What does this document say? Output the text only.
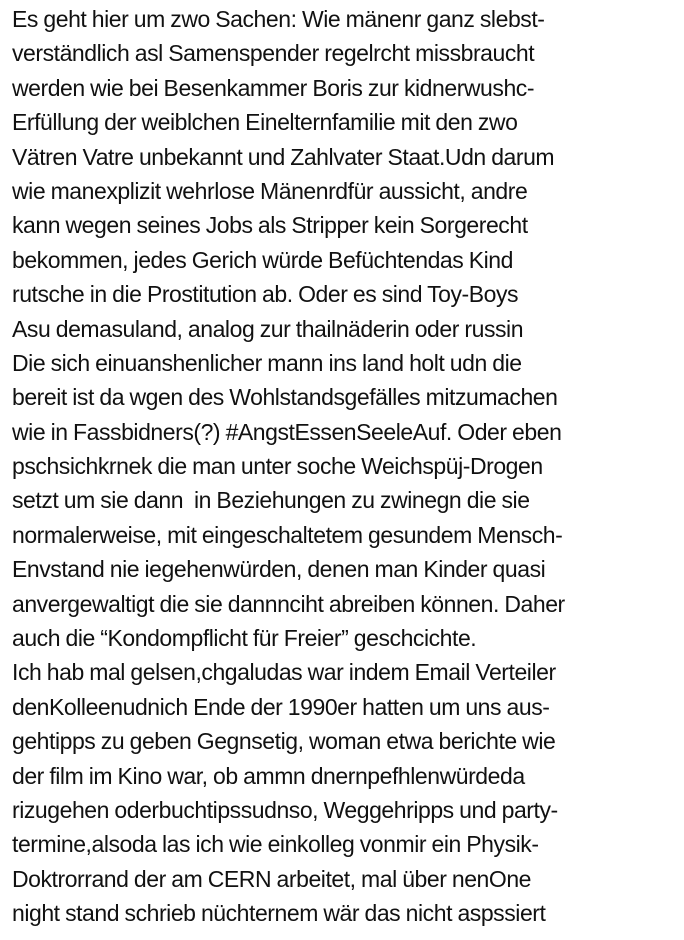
Es geht hier um zwo Sachen: Wie mänenr ganz slebst-
verständlich asl Samenspender regelrcht missbraucht
werden wie bei Besenkammer Boris zur kidnerwushc-
Erfüllung der weiblchen Einelternfamilie mit den zwo
Vätren Vatre unbekannt und Zahlvater Staat.Udn darum
wie manexplizit wehrlose Mänenrdfür aussicht, andre
kann wegen seines Jobs als Stripper kein Sorgerecht
bekommen, jedes Gerich würde Befüchtendas Kind
rutsche in die Prostitution ab. Oder es sind Toy-Boys
Asu demasuland, analog zur thailnäderin oder russin
Die sich einuanshenlicher mann ins land holt udn die
bereit ist da wgen des Wohlstandsgefälles mitzumachen
wie in Fassbidners(?) #AngstEssenSeeleAuf. Oder eben
pschsichkrnek die man unter soche Weichspüj-Drogen
setzt um sie dann  in Beziehungen zu zwinegn die sie
normalerweise, mit eingeschaltetem gesundem Mensch-
Envstand nie iegehenwürden, denen man Kinder quasi
anvergewaltigt die sie dannnciht abreiben können. Daher
auch die “Kondompflicht für Freier” geschcichte.
Ich hab mal gelsen,chgaludas war indem Email Verteiler
denKolleenudnich Ende der 1990er hatten um uns aus-
gehtipps zu geben Gegnsetig, woman etwa berichte wie
der film im Kino war, ob ammn dnernpefhlenwürdeda
rizugehen oderbuchtipssudnso, Weggehripps und party-
termine,alsoda las ich wie einkolleg vonmir ein Physik-
Doktrorrand der am CERN arbeitet, mal über nenOne
night stand schrieb nüchternem wär das nicht aspssiert
